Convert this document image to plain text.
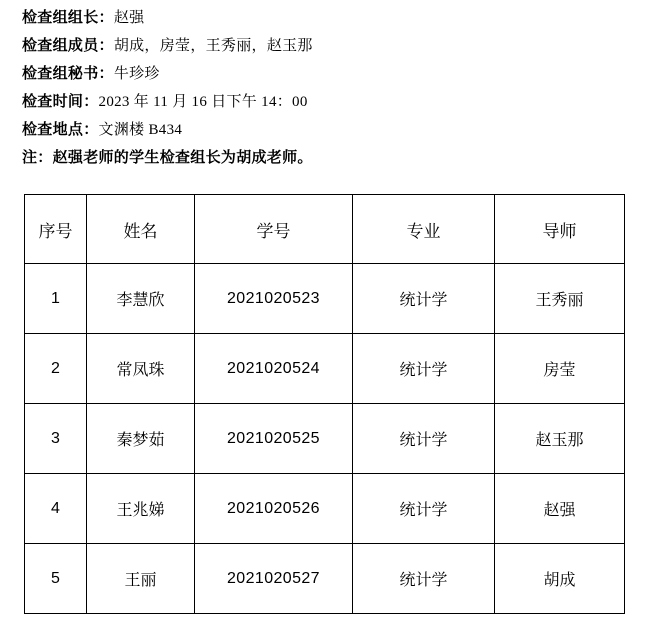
检查组组长：赵强
检查组成员：胡成，房莹，王秀丽，赵玉那
检查组秘书：牛珍珍
检查时间：2023 年 11 月 16 日下午 14：00
检查地点：文渊楼 B434
注：赵强老师的学生检查组长为胡成老师。
序号	姓名	学号	专业	导师
1	李慧欣	2021020523	统计学	王秀丽
2	常凤珠	2021020524	统计学	房莹
3	秦梦茹	2021020525	统计学	赵玉那
4	王兆娣	2021020526	统计学	赵强
5	王丽	2021020527	统计学	胡成
